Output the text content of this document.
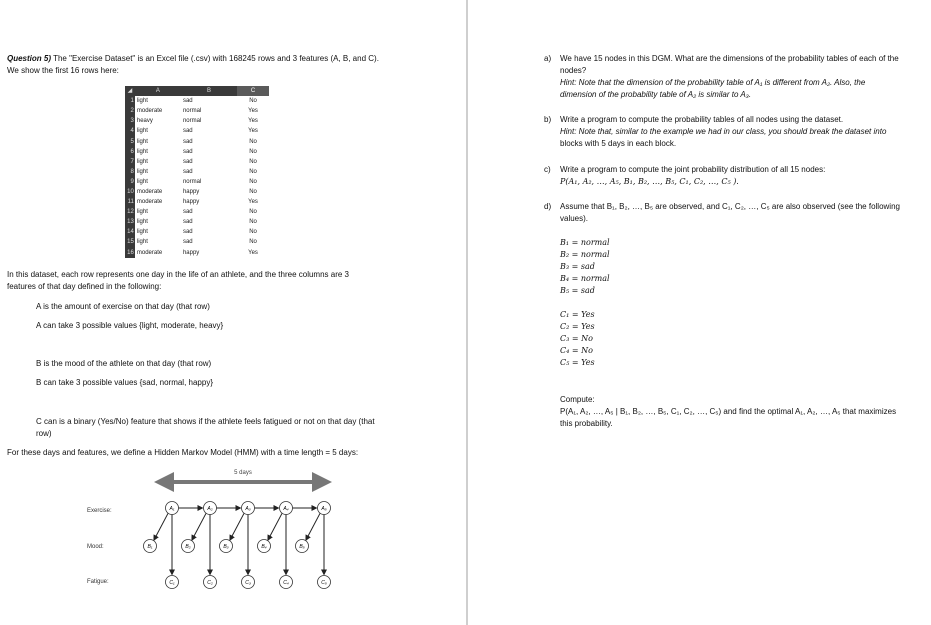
Question 5) The "Exercise Dataset" is an Excel file (.csv) with 168245 rows and 3 features (A, B, and C).
We show the first 16 rows here:
◢	A	B	C
1	light	sad	No
2	moderate	normal	Yes
3	heavy	normal	Yes
4	light	sad	Yes
5	light	sad	No
6	light	sad	No
7	light	sad	No
8	light	sad	No
9	light	normal	No
10	moderate	happy	No
11	moderate	happy	Yes
12	light	sad	No
13	light	sad	No
14	light	sad	No
15	light	sad	No
16	moderate	happy	Yes
In this dataset, each row represents one day in the life of an athlete, and the three columns are 3
features of that day defined in the following:
A is the amount of exercise on that day (that row)
A can take 3 possible values {light, moderate, heavy}
B is the mood of the athlete on that day (that row)
B can take 3 possible values {sad, normal, happy}
C can is a binary (Yes/No) feature that shows if the athlete feels fatigued or not on that day (that
row)
For these days and features, we define a Hidden Markov Model (HMM) with a time length = 5 days:
5 days
Exercise:
Mood:
Fatigue:
A₁
B₁
C₁
A₂
B₂
C₂
A₃
B₃
C₃
A₄
B₄
C₄
A₅
B₅
C₅
a) We have 15 nodes in this DGM. What are the dimensions of the probability tables of each of the
nodes?
Hint: Note that the dimension of the probability table of A₁ is different from A₂. Also, the
dimension of the probability table of A₂ is similar to A₃.
b) Write a program to compute the probability tables of all nodes using the dataset.
Hint: Note that, similar to the example we had in our class, you should break the dataset into
blocks with 5 days in each block.
c) Write a program to compute the joint probability distribution of all 15 nodes:
P(A₁, A₂, …, A₅, B₁, B₂, …, B₅, C₁, C₂, …, C₅ ).
d) Assume that B₁, B₂, …, B₅ are observed, and C₁, C₂, …, C₅ are also observed (see the following
values).
B₁ = normal
B₂ = normal
B₃ = sad
B₄ = normal
B₅ = sad
C₁ = Yes
C₂ = Yes
C₃ = No
C₄ = No
C₅ = Yes
Compute:
P(A₁, A₂, …, A₅ | B₁, B₂, …, B₅, C₁, C₂, …, C₅) and find the optimal A₁, A₂, …, A₅ that maximizes
this probability.
